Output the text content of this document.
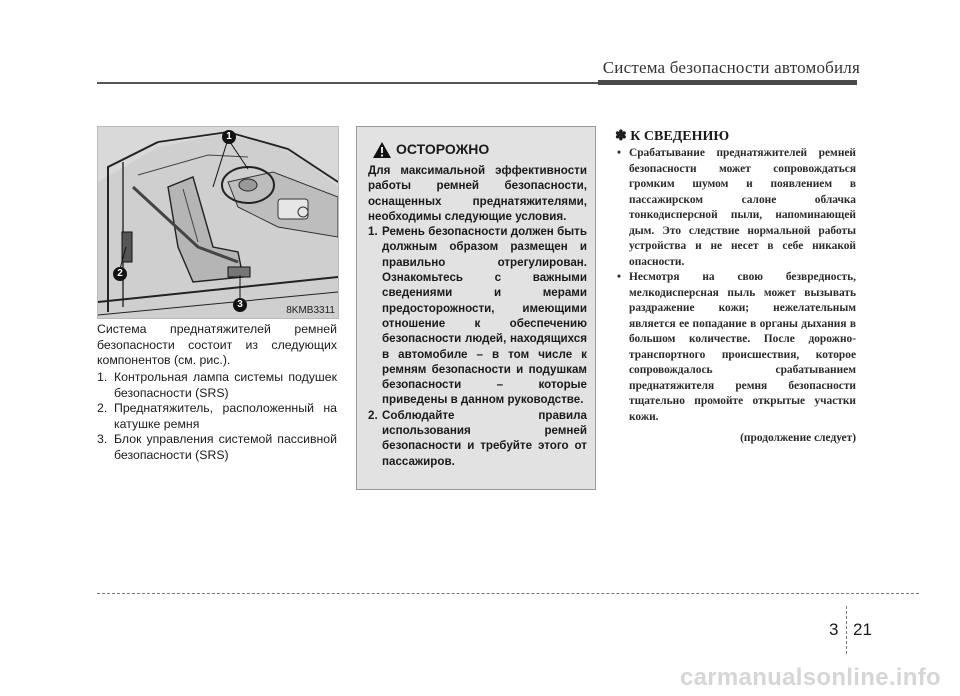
Система безопасности автомобиля
1
2
3
8KMB3311
Система преднатяжителей ремней безопасности состоит из следующих компонентов (см. рис.).
1. Контрольная лампа системы подушек безопасности (SRS)
2. Преднатяжитель, расположенный на катушке ремня
3. Блок управления системой пассивной безопасности (SRS)
ОСТОРОЖНО

Для максимальной эффективности работы ремней безопасности, оснащенных преднатяжителями, необходимы следующие условия.

1. Ремень безопасности должен быть должным образом размещен и правильно отрегулирован. Ознакомьтесь с важными сведениями и мерами предосторожности, имеющими отношение к обеспечению безопасности людей, находящихся в автомобиле – в том числе к ремням безопасности и подушкам безопасности – которые приведены в данном руководстве.
2. Соблюдайте правила использования ремней безопасности и требуйте этого от пассажиров.
✽ К СВЕДЕНИЮ
• Срабатывание преднатяжителей ремней безопасности может сопровождаться громким шумом и появлением в пассажирском салоне облачка тонкодисперсной пыли, напоминающей дым. Это следствие нормальной работы устройства и не несет в себе никакой опасности.
• Несмотря на свою безвредность, мелкодисперсная пыль может вызывать раздражение кожи; нежелательным является ее попадание в органы дыхания в большом количестве. После дорожно-транспортного происшествия, которое сопровождалось срабатыванием преднатяжителя ремня безопасности тщательно промойте открытые участки кожи.
(продолжение следует)
3 21
carmanualsonline.info
